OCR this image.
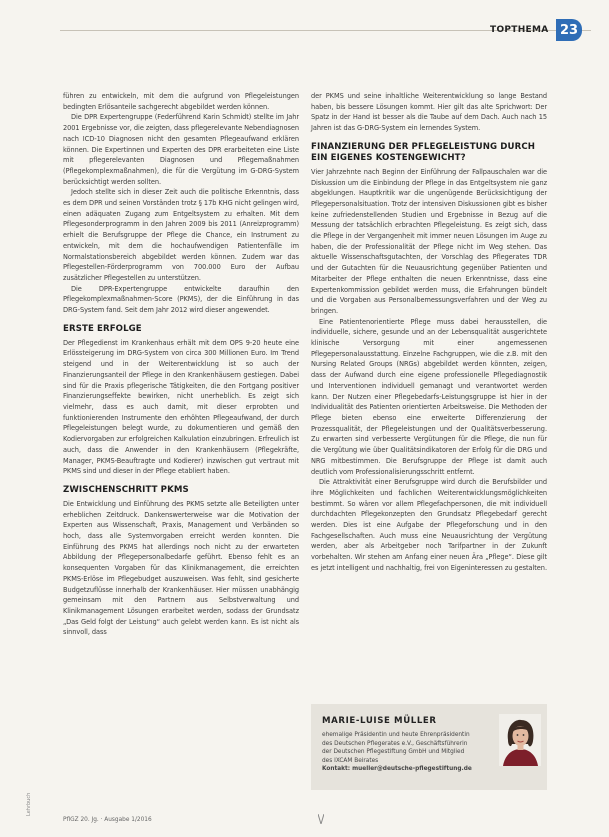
TOPTHEMA 23

führen zu entwickeln, mit dem die aufgrund von Pflegeleistungen bedingten Erlösanteile sachgerecht abgebildet werden können.

Die DPR Expertengruppe (Federführend Karin Schmidt) stellte im Jahr 2001 Ergebnisse vor, die zeigten, dass pflegerelevante Nebendiagnosen nach ICD-10 Diagnosen nicht den gesamten Pflegeaufwand erklären können. Die Expertinnen und Experten des DPR erarbeiteten eine Liste mit pflegerelevanten Diagnosen und Pflegemaßnahmen (Pflegekomplexmaßnahmen), die für die Vergütung im G-DRG-System berücksichtigt werden sollten.

Jedoch stellte sich in dieser Zeit auch die politische Erkenntnis, dass es dem DPR und seinen Vorständen trotz § 17b KHG nicht gelingen wird, einen adäquaten Zugang zum Entgeltsystem zu erhalten. Mit dem Pflegesonderprogramm in den Jahren 2009 bis 2011 (Anreizprogramm) erhielt die Berufsgruppe der Pflege die Chance, ein Instrument zu entwickeln, mit dem die hochaufwendigen Patientenfälle im Normalstationsbereich abgebildet werden können. Zudem war das Pflegestellen-Förderprogramm von 700.000 Euro der Aufbau zusätzlicher Pflegestellen zu unterstützen.

Die DPR-Expertengruppe entwickelte daraufhin den Pflegekomplexmaßnahmen-Score (PKMS), der die Einführung in das DRG-System fand. Seit dem Jahr 2012 wird dieser angewendet.

ERSTE ERFOLGE

Der Pflegedienst im Krankenhaus erhält mit dem OPS 9-20 heute eine Erlössteigerung im DRG-System von circa 300 Millionen Euro. Im Trend steigend und in der Weiterentwicklung ist so auch der Finanzierungsanteil der Pflege in den Krankenhäusern gestiegen. Dabei sind für die Praxis pflegerische Tätigkeiten, die den Fortgang positiver Finanzierungseffekte bewirken, nicht unerheblich. Es zeigt sich vielmehr, dass es auch damit, mit dieser erprobten und funktionierenden Instrumente den erhöhten Pflegeaufwand, der durch Pflegeleistungen belegt wurde, zu dokumentieren und gemäß den Kodiervorgaben zur erfolgreichen Kalkulation einzubringen. Erfreulich ist auch, dass die Anwender in den Krankenhäusern (Pflegekräfte, Manager, PKMS-Beauftragte und Kodierer) inzwischen gut vertraut mit PKMS sind und dieser in der Pflege etabliert haben.

ZWISCHENSCHRITT PKMS

Die Entwicklung und Einführung des PKMS setzte alle Beteiligten unter erheblichen Zeitdruck. Dankenswerterweise war die Motivation der Experten aus Wissenschaft, Praxis, Management und Verbänden so hoch, dass alle Systemvorgaben erreicht werden konnten. Die Einführung des PKMS hat allerdings noch nicht zu der erwarteten Abbildung der Pflegepersonalbedarfe geführt. Ebenso fehlt es an konsequenten Vorgaben für das Klinikmanagement, die erreichten PKMS-Erlöse im Pflegebudget auszuweisen. Was fehlt, sind gesicherte Budgetzuflüsse innerhalb der Krankenhäuser. Hier müssen unabhängig gemeinsam mit den Partnern aus Selbstverwaltung und Klinikmanagement Lösungen erarbeitet werden, sodass der Grundsatz „Das Geld folgt der Leistung“ auch gelebt werden kann. Es ist nicht als sinnvoll, dass

der PKMS und seine inhaltliche Weiterentwicklung so lange Bestand haben, bis bessere Lösungen kommt. Hier gilt das alte Sprichwort: Der Spatz in der Hand ist besser als die Taube auf dem Dach. Auch nach 15 Jahren ist das G-DRG-System ein lernendes System.

FINANZIERUNG DER PFLEGELEISTUNG DURCH EIN EIGENES KOSTENGEWICHT?

Vier Jahrzehnte nach Beginn der Einführung der Fallpauschalen war die Diskussion um die Einbindung der Pflege in das Entgeltsystem nie ganz abgeklungen. Hauptkritik war die ungenügende Berücksichtigung der Pflegepersonalsituation. Trotz der intensiven Diskussionen gibt es bisher keine zufriedenstellenden Studien und Ergebnisse in Bezug auf die Messung der tatsächlich erbrachten Pflegeleistung. Es zeigt sich, dass die Pflege in der Vergangenheit mit immer neuen Lösungen im Auge zu haben, die der Professionalität der Pflege nicht im Weg stehen. Das aktuelle Wissenschaftsgutachten, der Vorschlag des Pflegerates TDR und der Gutachten für die Neuausrichtung gegenüber Patienten und Mitarbeiter der Pflege enthalten die neuen Erkenntnisse, dass eine Expertenkommission gebildet werden muss, die Erfahrungen bündelt und die Vorgaben aus Personalbemessungsverfahren und der Weg zu bringen.

Eine Patientenorientierte Pflege muss dabei herausstellen, die individuelle, sichere, gesunde und an der Lebensqualität ausgerichtete klinische Versorgung mit einer angemessenen Pflegepersonalausstattung. Einzelne Fachgruppen, wie die z.B. mit den Nursing Related Groups (NRGs) abgebildet werden könnten, zeigen, dass der Aufwand durch eine eigene professionelle Pflegediagnostik und Interventionen individuell gemanagt und verantwortet werden kann. Der Nutzen einer Pflegebedarfs-Leistungsgruppe ist hier in der Individualität des Patienten orientierten Arbeitsweise. Die Methoden der Pflege bieten ebenso eine erweiterte Differenzierung der Prozessqualität, der Pflegeleistungen und der Qualitätsverbesserung. Zu erwarten sind verbesserte Vergütungen für die Pflege, die nun für die Vergütung wie über Qualitätsindikatoren der Erfolg für die DRG und NRG mitbestimmen. Die Berufsgruppe der Pflege ist damit auch deutlich vom Professionalisierungsschritt entfernt.

Die Attraktivität einer Berufsgruppe wird durch die Berufsbilder und ihre Möglichkeiten und fachlichen Weiterentwicklungsmöglichkeiten bestimmt. So wären vor allem Pflegefachpersonen, die mit individuell durchdachten Pflegekonzepten den Grundsatz Pflegebedarf gerecht werden. Dies ist eine Aufgabe der Pflegeforschung und in den Fachgesellschaften. Auch muss eine Neuausrichtung der Vergütung werden, aber als Arbeitgeber noch Tarifpartner in der Zukunft vorbehalten. Wir stehen am Anfang einer neuen Ära „Pflege“. Diese gilt es jetzt intelligent und nachhaltig, frei von Eigeninteressen zu gestalten.

MARIE-LUISE MÜLLER
ehemalige Präsidentin und heute Ehrenpräsidentin
des Deutschen Pflegerates e.V., Geschäftsführerin
der Deutschen Pflegestiftung GmbH und Mitglied
des IXCAM Beirates
Kontakt: mueller@deutsche-pflegestiftung.de
Lehrbuch
PflGZ 20. Jg. · Ausgabe 1/2016
